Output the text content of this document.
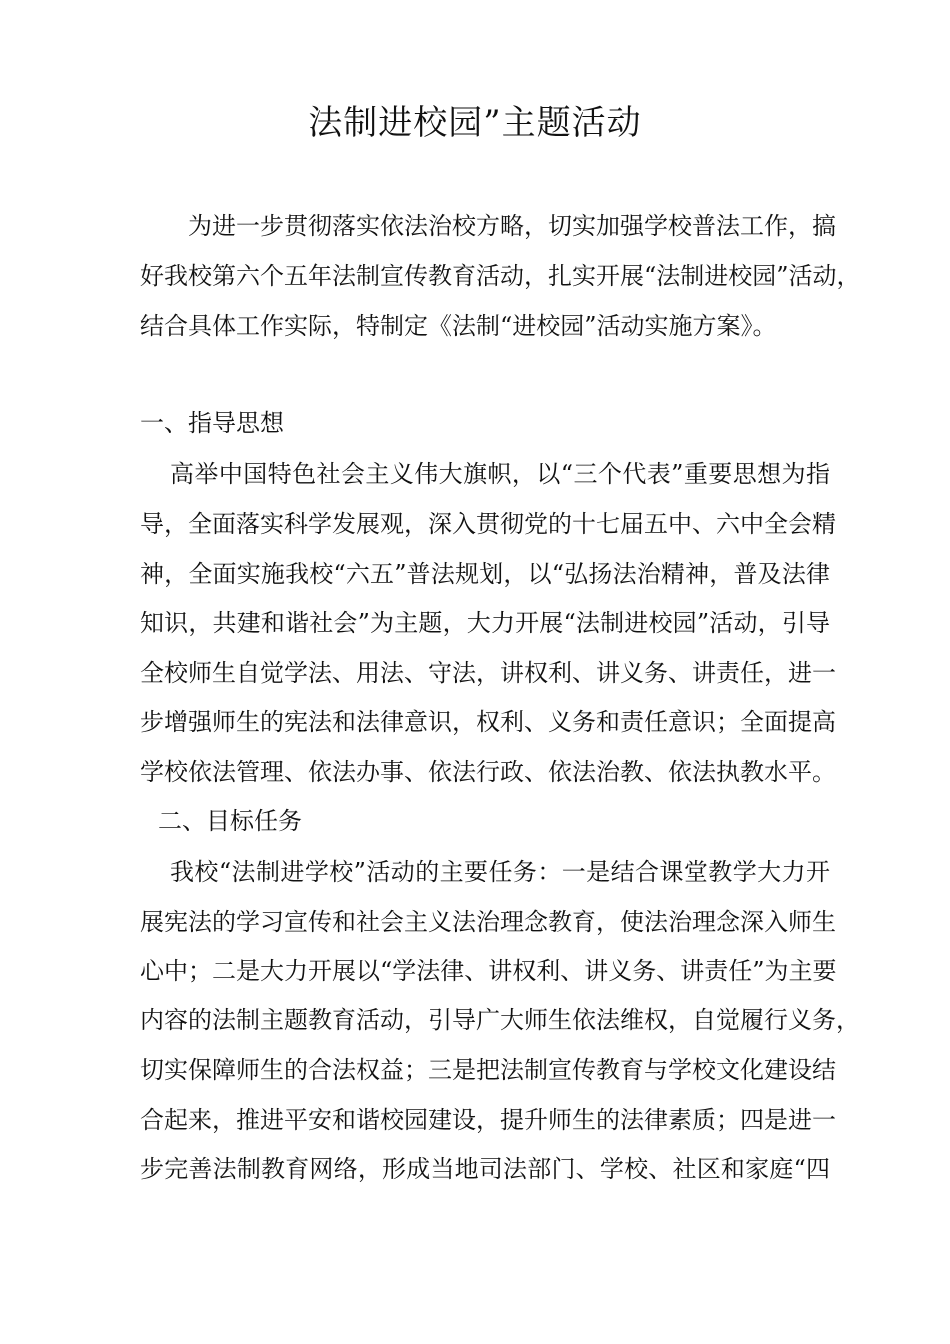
法制进校园”主题活动
为进一步贯彻落实依法治校方略，切实加强学校普法工作，搞
好我校第六个五年法制宣传教育活动，扎实开展“法制进校园”活动，
结合具体工作实际，特制定《法制“进校园”活动实施方案》。
一、指导思想
高举中国特色社会主义伟大旗帜，以“三个代表”重要思想为指
导，全面落实科学发展观，深入贯彻党的十七届五中、六中全会精
神，全面实施我校“六五”普法规划，以“弘扬法治精神，普及法律
知识，共建和谐社会”为主题，大力开展“法制进校园”活动，引导
全校师生自觉学法、用法、守法，讲权利、讲义务、讲责任，进一
步增强师生的宪法和法律意识，权利、义务和责任意识；全面提高
学校依法管理、依法办事、依法行政、依法治教、依法执教水平。
二、目标任务
我校“法制进学校”活动的主要任务：一是结合课堂教学大力开
展宪法的学习宣传和社会主义法治理念教育，使法治理念深入师生
心中；二是大力开展以“学法律、讲权利、讲义务、讲责任”为主要
内容的法制主题教育活动，引导广大师生依法维权，自觉履行义务，
切实保障师生的合法权益；三是把法制宣传教育与学校文化建设结
合起来，推进平安和谐校园建设，提升师生的法律素质；四是进一
步完善法制教育网络，形成当地司法部门、学校、社区和家庭“四
